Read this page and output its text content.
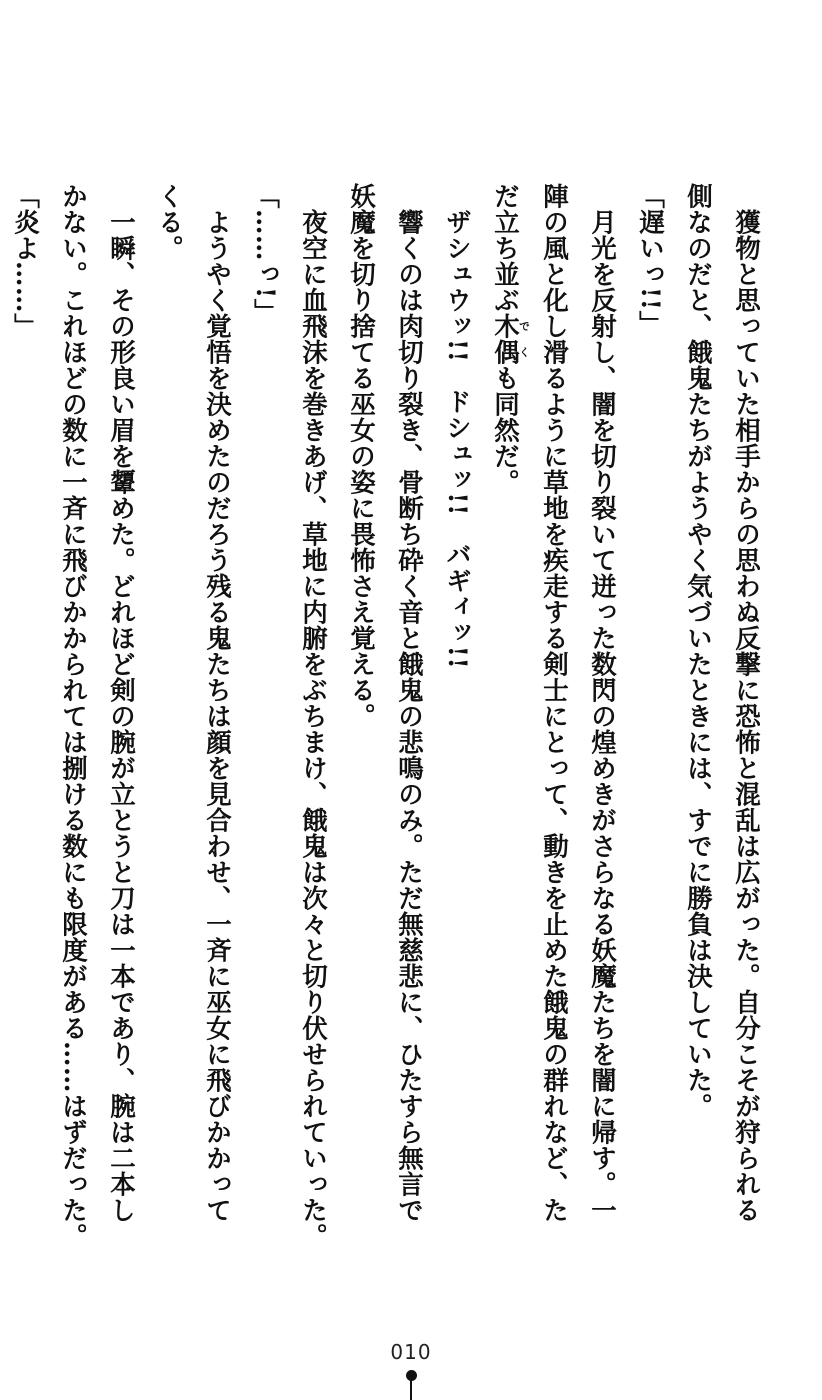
　獲物と思っていた相手からの思わぬ反撃に恐怖と混乱は広がった。自分こそが狩られる
側なのだと、餓鬼たちがようやく気づいたときには、すでに勝負は決していた。
「遅いっ!!」
　月光を反射し、闇を切り裂いて迸った数閃の煌めきがさらなる妖魔たちを闇に帰す。一
陣の風と化し滑るように草地を疾走する剣士にとって、動きを止めた餓鬼の群れなど、た
だ立ち並ぶ木偶でくも同然だ。
　ザシュウッ!!　ドシュッ!!　バギィッ!!
　響くのは肉切り裂き、骨断ち砕く音と餓鬼の悲鳴のみ。ただ無慈悲に、ひたすら無言で
妖魔を切り捨てる巫女の姿に畏怖さえ覚える。
　夜空に血飛沫を巻きあげ、草地に内腑をぶちまけ、餓鬼は次々と切り伏せられていった。
「……っ!」
　ようやく覚悟を決めたのだろう残る鬼たちは顔を見合わせ、一斉に巫女に飛びかかって
くる。
　一瞬、その形良い眉を顰めた。どれほど剣の腕が立とうと刀は一本であり、腕は二本し
かない。これほどの数に一斉に飛びかかられては捌ける数にも限度がある……はずだった。
「炎よ……」
010
